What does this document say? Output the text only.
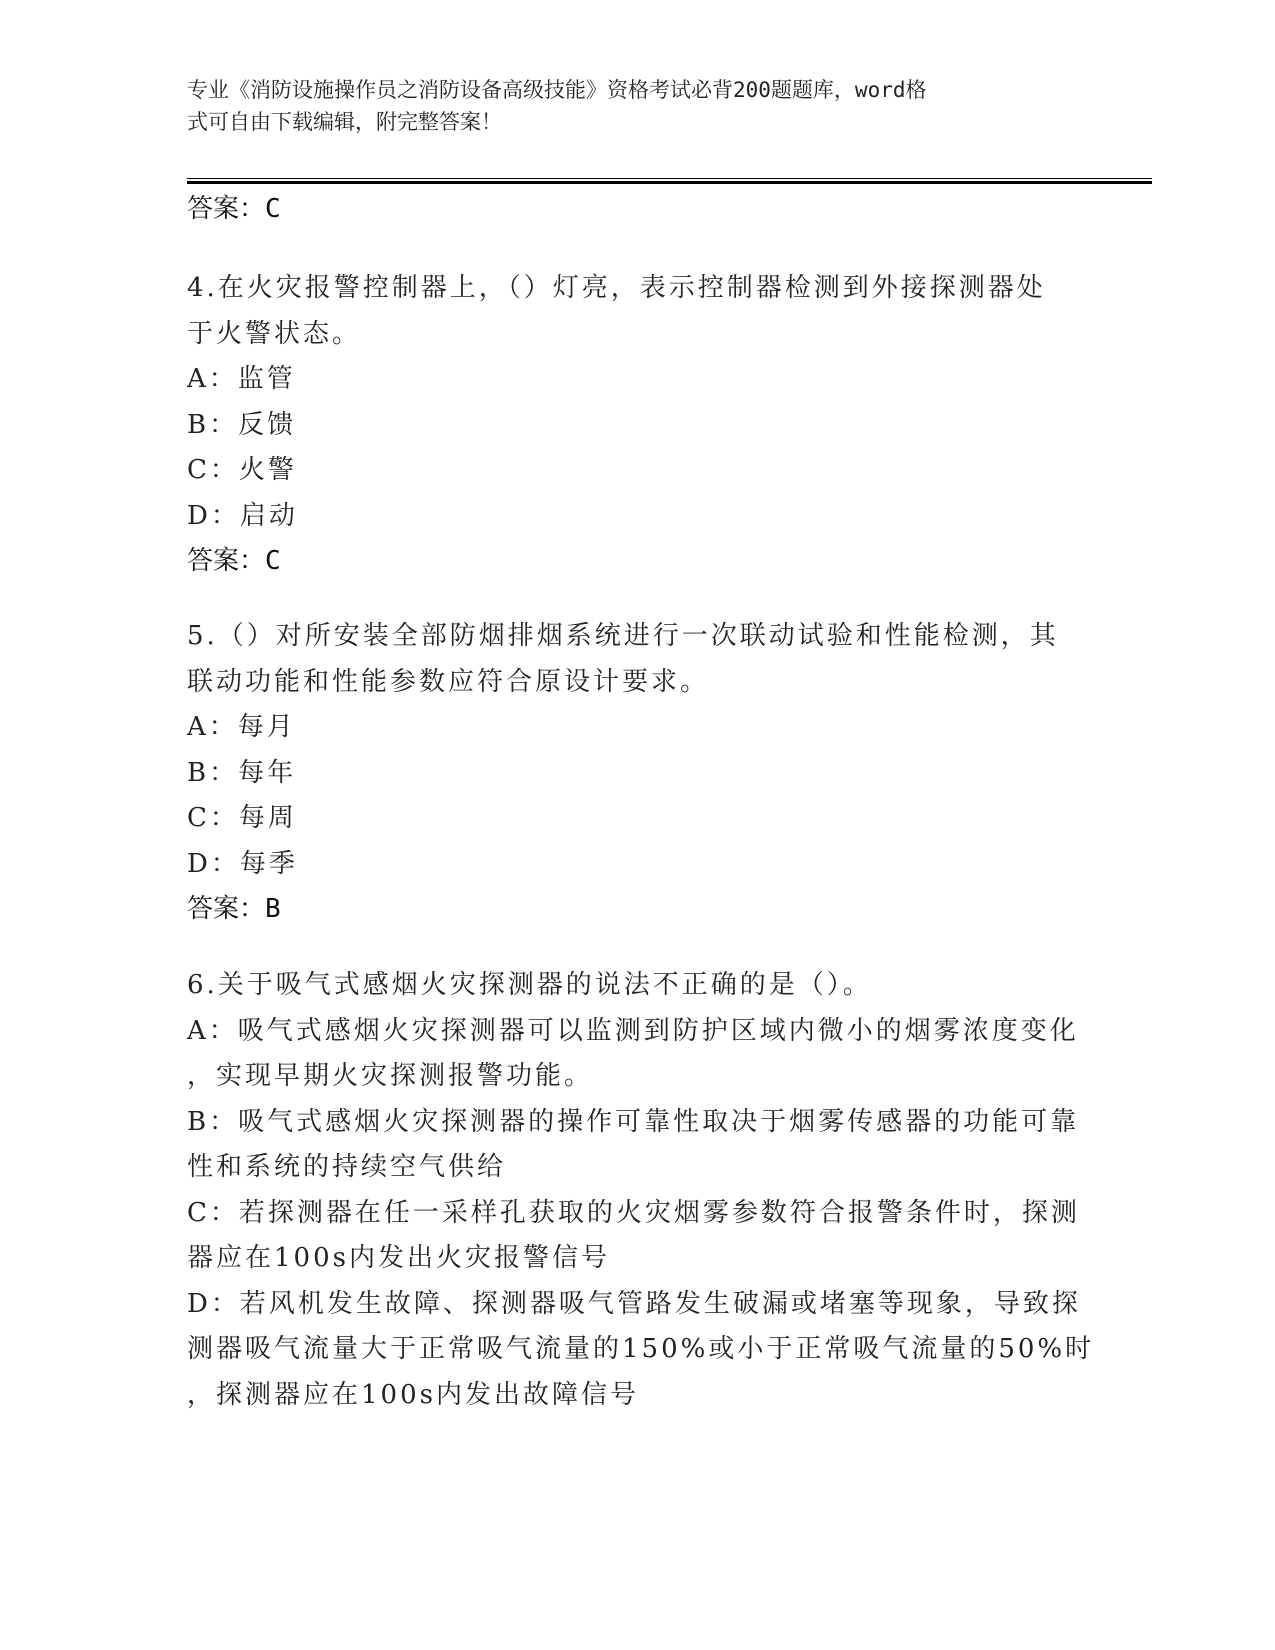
专业《消防设施操作员之消防设备高级技能》资格考试必背200题题库，word格
式可自由下载编辑，附完整答案！
答案：C
4.在火灾报警控制器上，（）灯亮，表示控制器检测到外接探测器处
于火警状态。
A：监管
B：反馈
C：火警
D：启动
答案：C
5.（）对所安装全部防烟排烟系统进行一次联动试验和性能检测，其
联动功能和性能参数应符合原设计要求。
A：每月
B：每年
C：每周
D：每季
答案：B
6.关于吸气式感烟火灾探测器的说法不正确的是（）。
A：吸气式感烟火灾探测器可以监测到防护区域内微小的烟雾浓度变化
，实现早期火灾探测报警功能。
B：吸气式感烟火灾探测器的操作可靠性取决于烟雾传感器的功能可靠
性和系统的持续空气供给
C：若探测器在任一采样孔获取的火灾烟雾参数符合报警条件时，探测
器应在100s内发出火灾报警信号
D：若风机发生故障、探测器吸气管路发生破漏或堵塞等现象，导致探
测器吸气流量大于正常吸气流量的150%或小于正常吸气流量的50%时
，探测器应在100s内发出故障信号
